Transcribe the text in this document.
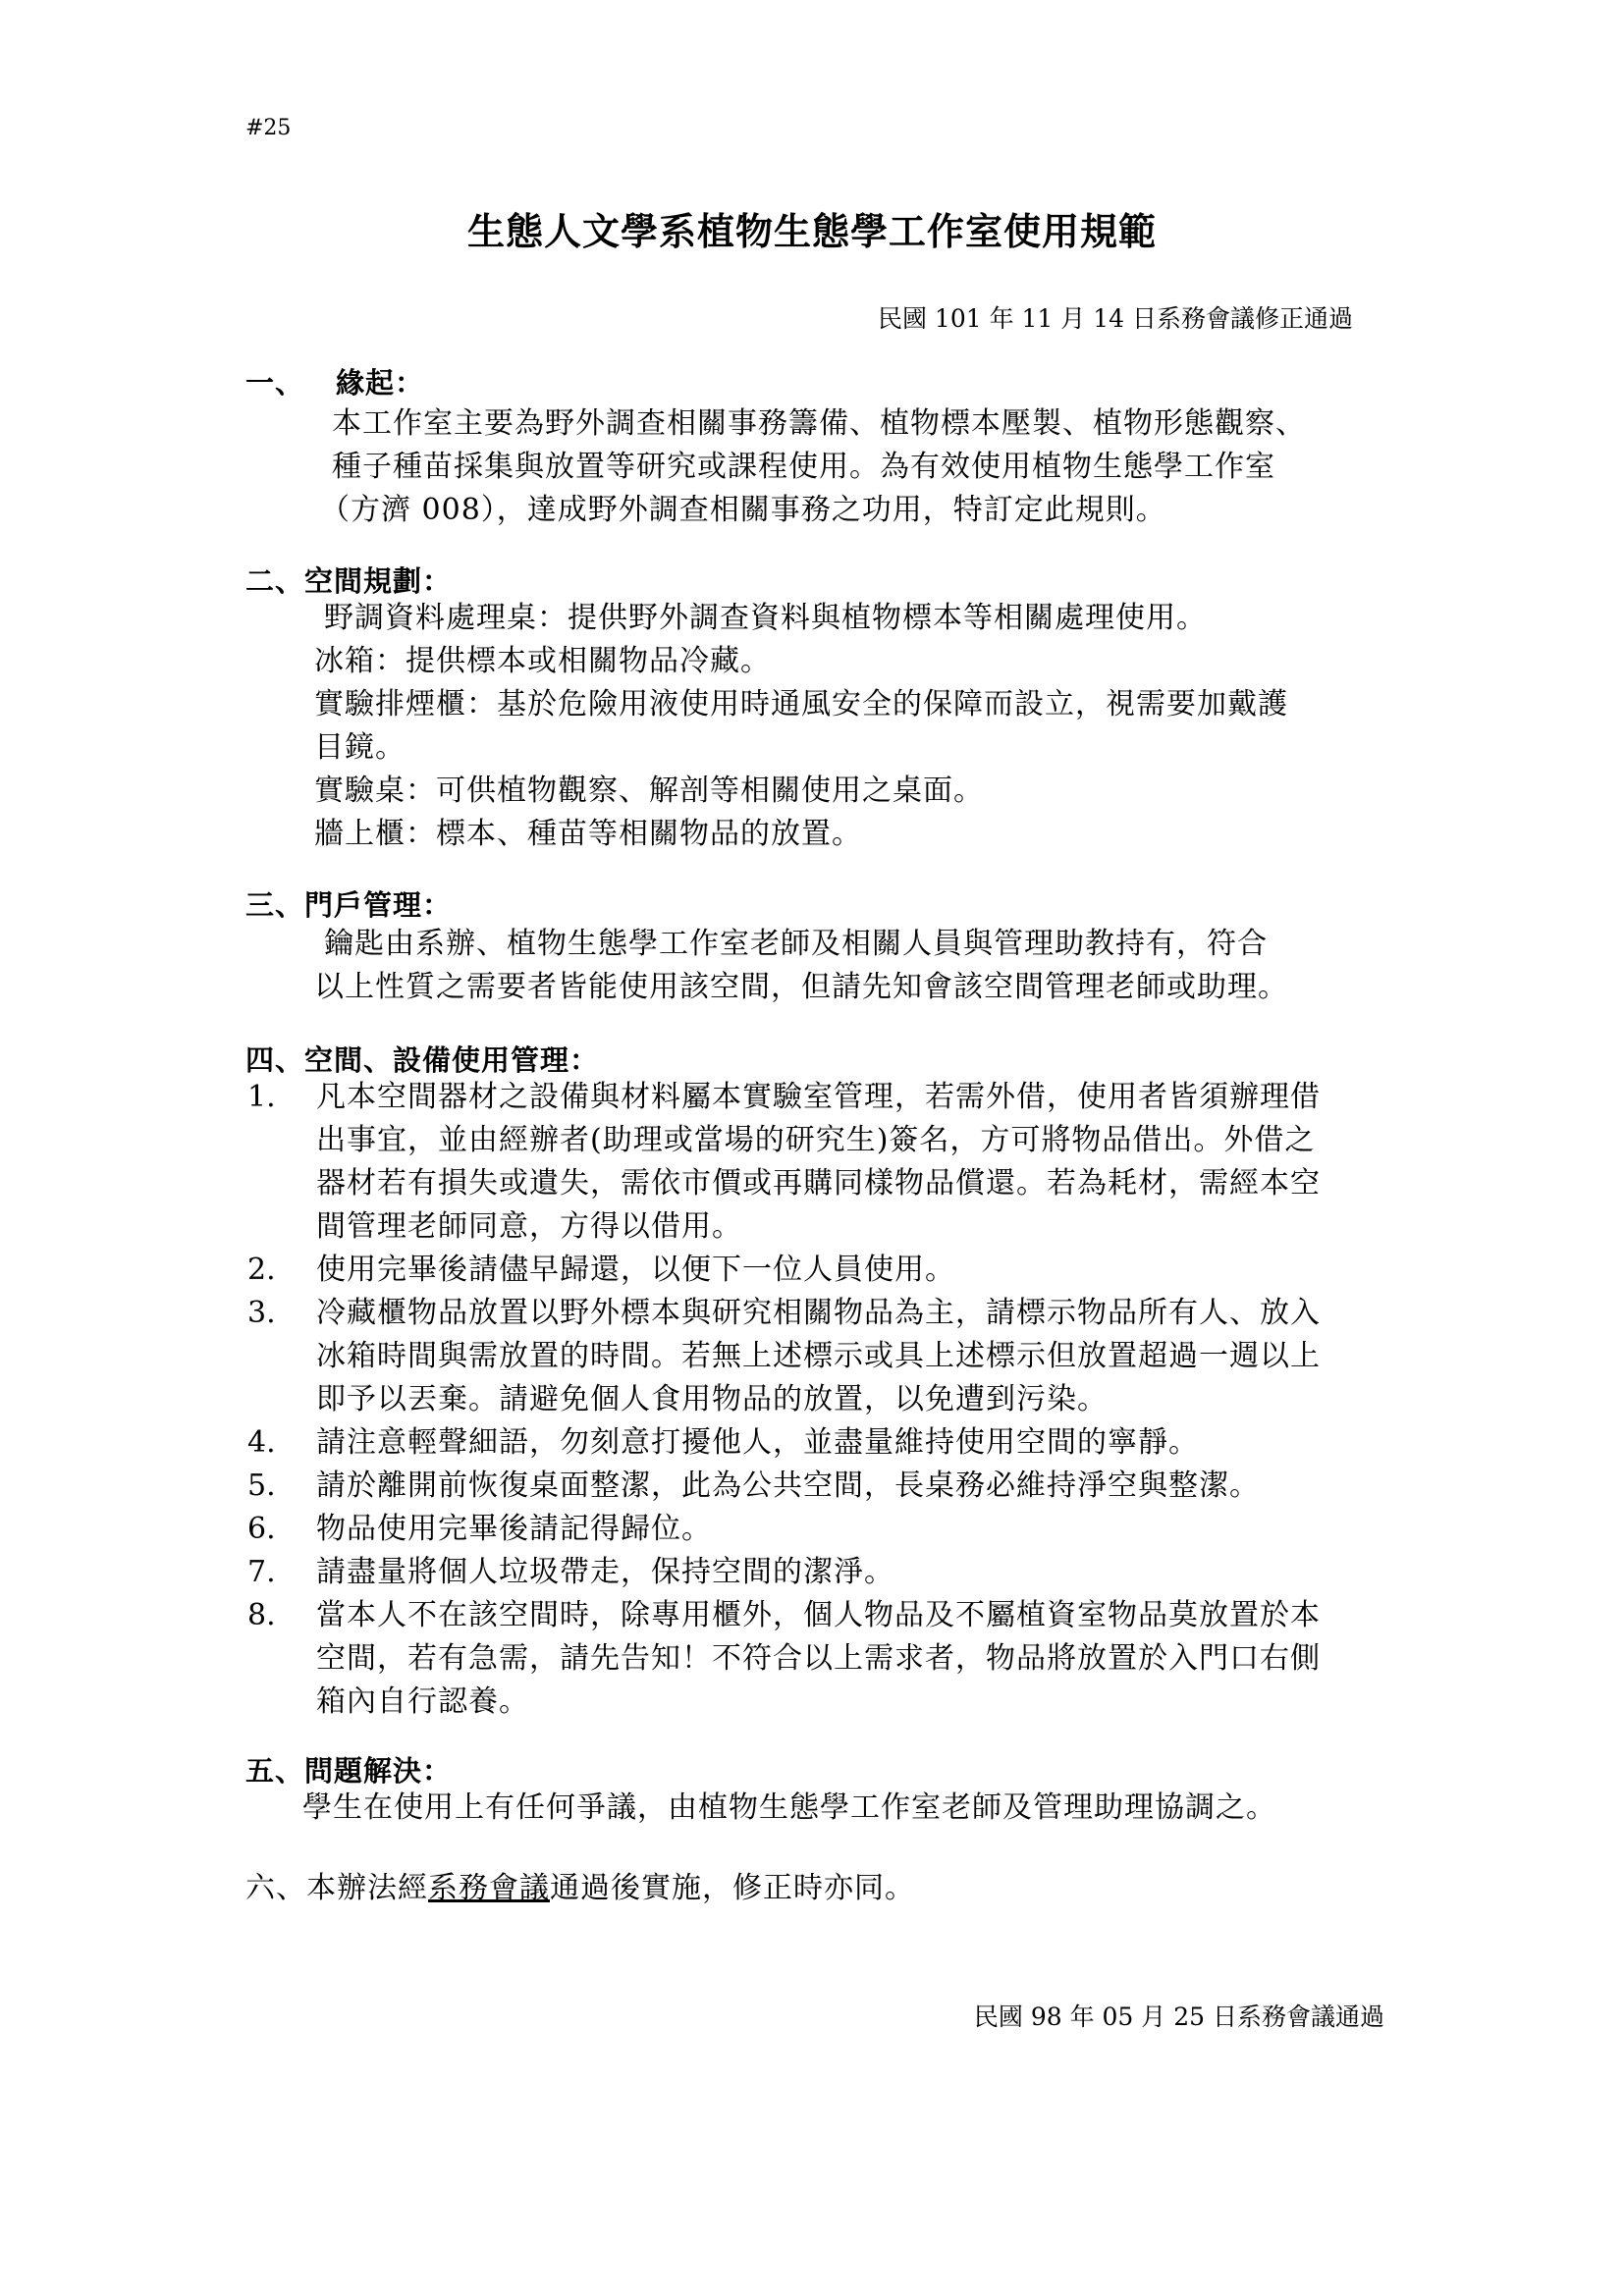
#25
生態人文學系植物生態學工作室使用規範
民國 101 年 11 月 14 日系務會議修正通過
一、 緣起：
本工作室主要為野外調查相關事務籌備、植物標本壓製、植物形態觀察、
種子種苗採集與放置等研究或課程使用。為有效使用植物生態學工作室
（方濟 008），達成野外調查相關事務之功用，特訂定此規則。
二、空間規劃：
野調資料處理桌：提供野外調查資料與植物標本等相關處理使用。
冰箱：提供標本或相關物品冷藏。
實驗排煙櫃：基於危險用液使用時通風安全的保障而設立，視需要加戴護
目鏡。
實驗桌：可供植物觀察、解剖等相關使用之桌面。
牆上櫃：標本、種苗等相關物品的放置。
三、門戶管理：
鑰匙由系辦、植物生態學工作室老師及相關人員與管理助教持有，符合
以上性質之需要者皆能使用該空間，但請先知會該空間管理老師或助理。
四、空間、設備使用管理：
1. 凡本空間器材之設備與材料屬本實驗室管理，若需外借，使用者皆須辦理借
出事宜，並由經辦者(助理或當場的研究生)簽名，方可將物品借出。外借之
器材若有損失或遺失，需依市價或再購同樣物品償還。若為耗材，需經本空
間管理老師同意，方得以借用。
2. 使用完畢後請儘早歸還，以便下一位人員使用。
3. 冷藏櫃物品放置以野外標本與研究相關物品為主，請標示物品所有人、放入
冰箱時間與需放置的時間。若無上述標示或具上述標示但放置超過一週以上
即予以丟棄。請避免個人食用物品的放置，以免遭到污染。
4. 請注意輕聲細語，勿刻意打擾他人，並盡量維持使用空間的寧靜。
5. 請於離開前恢復桌面整潔，此為公共空間，長桌務必維持淨空與整潔。
6. 物品使用完畢後請記得歸位。
7. 請盡量將個人垃圾帶走，保持空間的潔淨。
8. 當本人不在該空間時，除專用櫃外，個人物品及不屬植資室物品莫放置於本
空間，若有急需，請先告知！不符合以上需求者，物品將放置於入門口右側
箱內自行認養。
五、問題解決：
學生在使用上有任何爭議，由植物生態學工作室老師及管理助理協調之。
六、本辦法經系務會議通過後實施，修正時亦同。
民國 98 年 05 月 25 日系務會議通過
